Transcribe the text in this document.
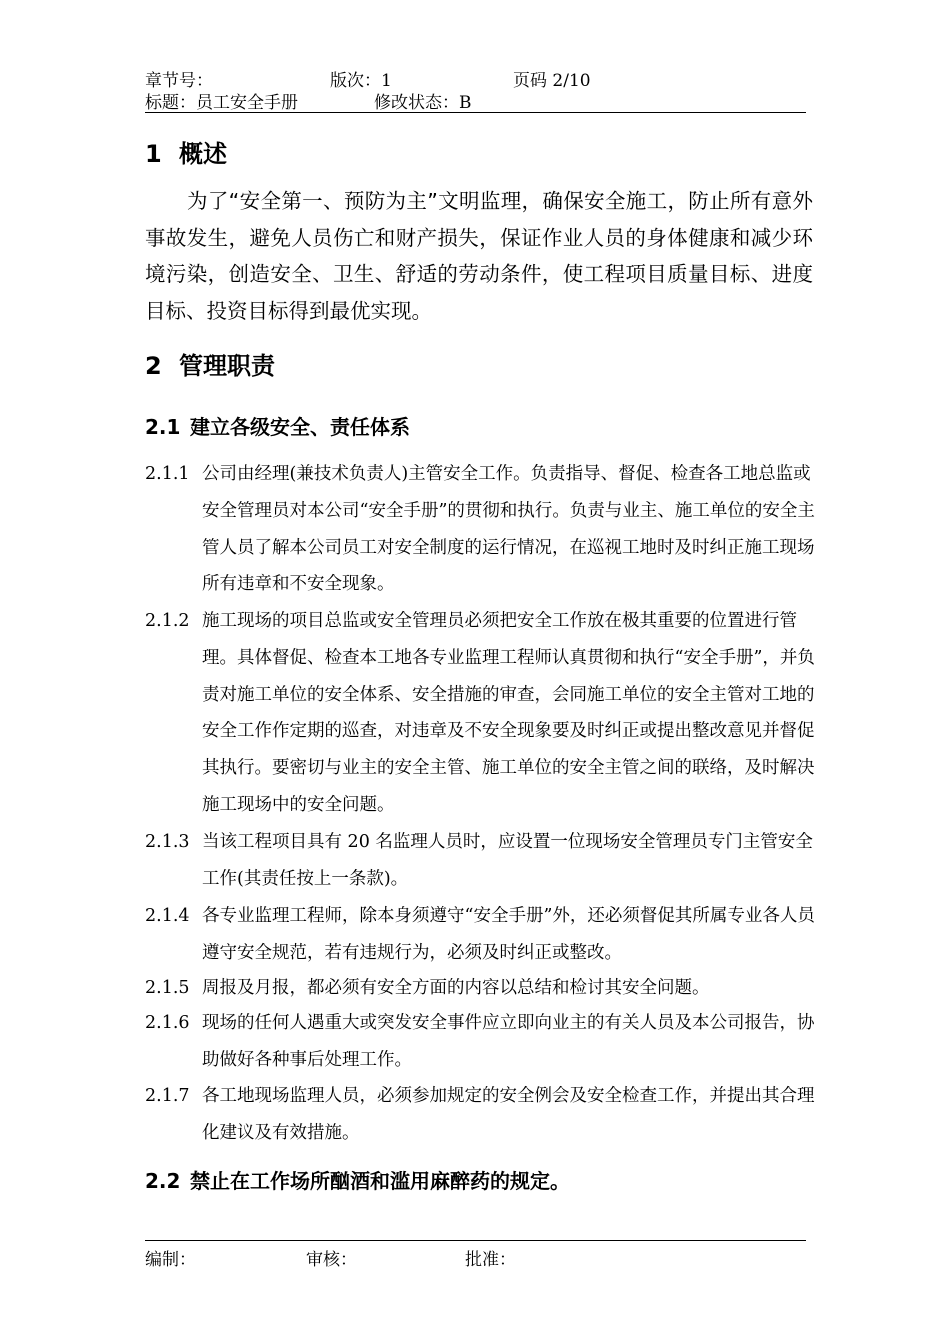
章节号：	版次：1	页码 2/10
标题：员工安全手册	修改状态：B
1 概述

为了“安全第一、预防为主”文明监理，确保安全施工，防止所有意外事故发生，避免人员伤亡和财产损失，保证作业人员的身体健康和减少环境污染，创造安全、卫生、舒适的劳动条件，使工程项目质量目标、进度目标、投资目标得到最优实现。

2 管理职责
2.1 建立各级安全、责任体系
2.1.1 公司由经理(兼技术负责人)主管安全工作。负责指导、督促、检查各工地总监或安全管理员对本公司“安全手册”的贯彻和执行。负责与业主、施工单位的安全主管人员了解本公司员工对安全制度的运行情况，在巡视工地时及时纠正施工现场所有违章和不安全现象。
2.1.2 施工现场的项目总监或安全管理员必须把安全工作放在极其重要的位置进行管理。具体督促、检查本工地各专业监理工程师认真贯彻和执行“安全手册”，并负责对施工单位的安全体系、安全措施的审查，会同施工单位的安全主管对工地的安全工作作定期的巡查，对违章及不安全现象要及时纠正或提出整改意见并督促其执行。要密切与业主的安全主管、施工单位的安全主管之间的联络，及时解决施工现场中的安全问题。
2.1.3 当该工程项目具有 20 名监理人员时，应设置一位现场安全管理员专门主管安全工作(其责任按上一条款)。
2.1.4 各专业监理工程师，除本身须遵守“安全手册”外，还必须督促其所属专业各人员遵守安全规范，若有违规行为，必须及时纠正或整改。
2.1.5 周报及月报，都必须有安全方面的内容以总结和检讨其安全问题。
2.1.6 现场的任何人遇重大或突发安全事件应立即向业主的有关人员及本公司报告，协助做好各种事后处理工作。
2.1.7 各工地现场监理人员，必须参加规定的安全例会及安全检查工作，并提出其合理化建议及有效措施。
2.2 禁止在工作场所酗酒和滥用麻醉药的规定。
编制：	审核：	批准：
